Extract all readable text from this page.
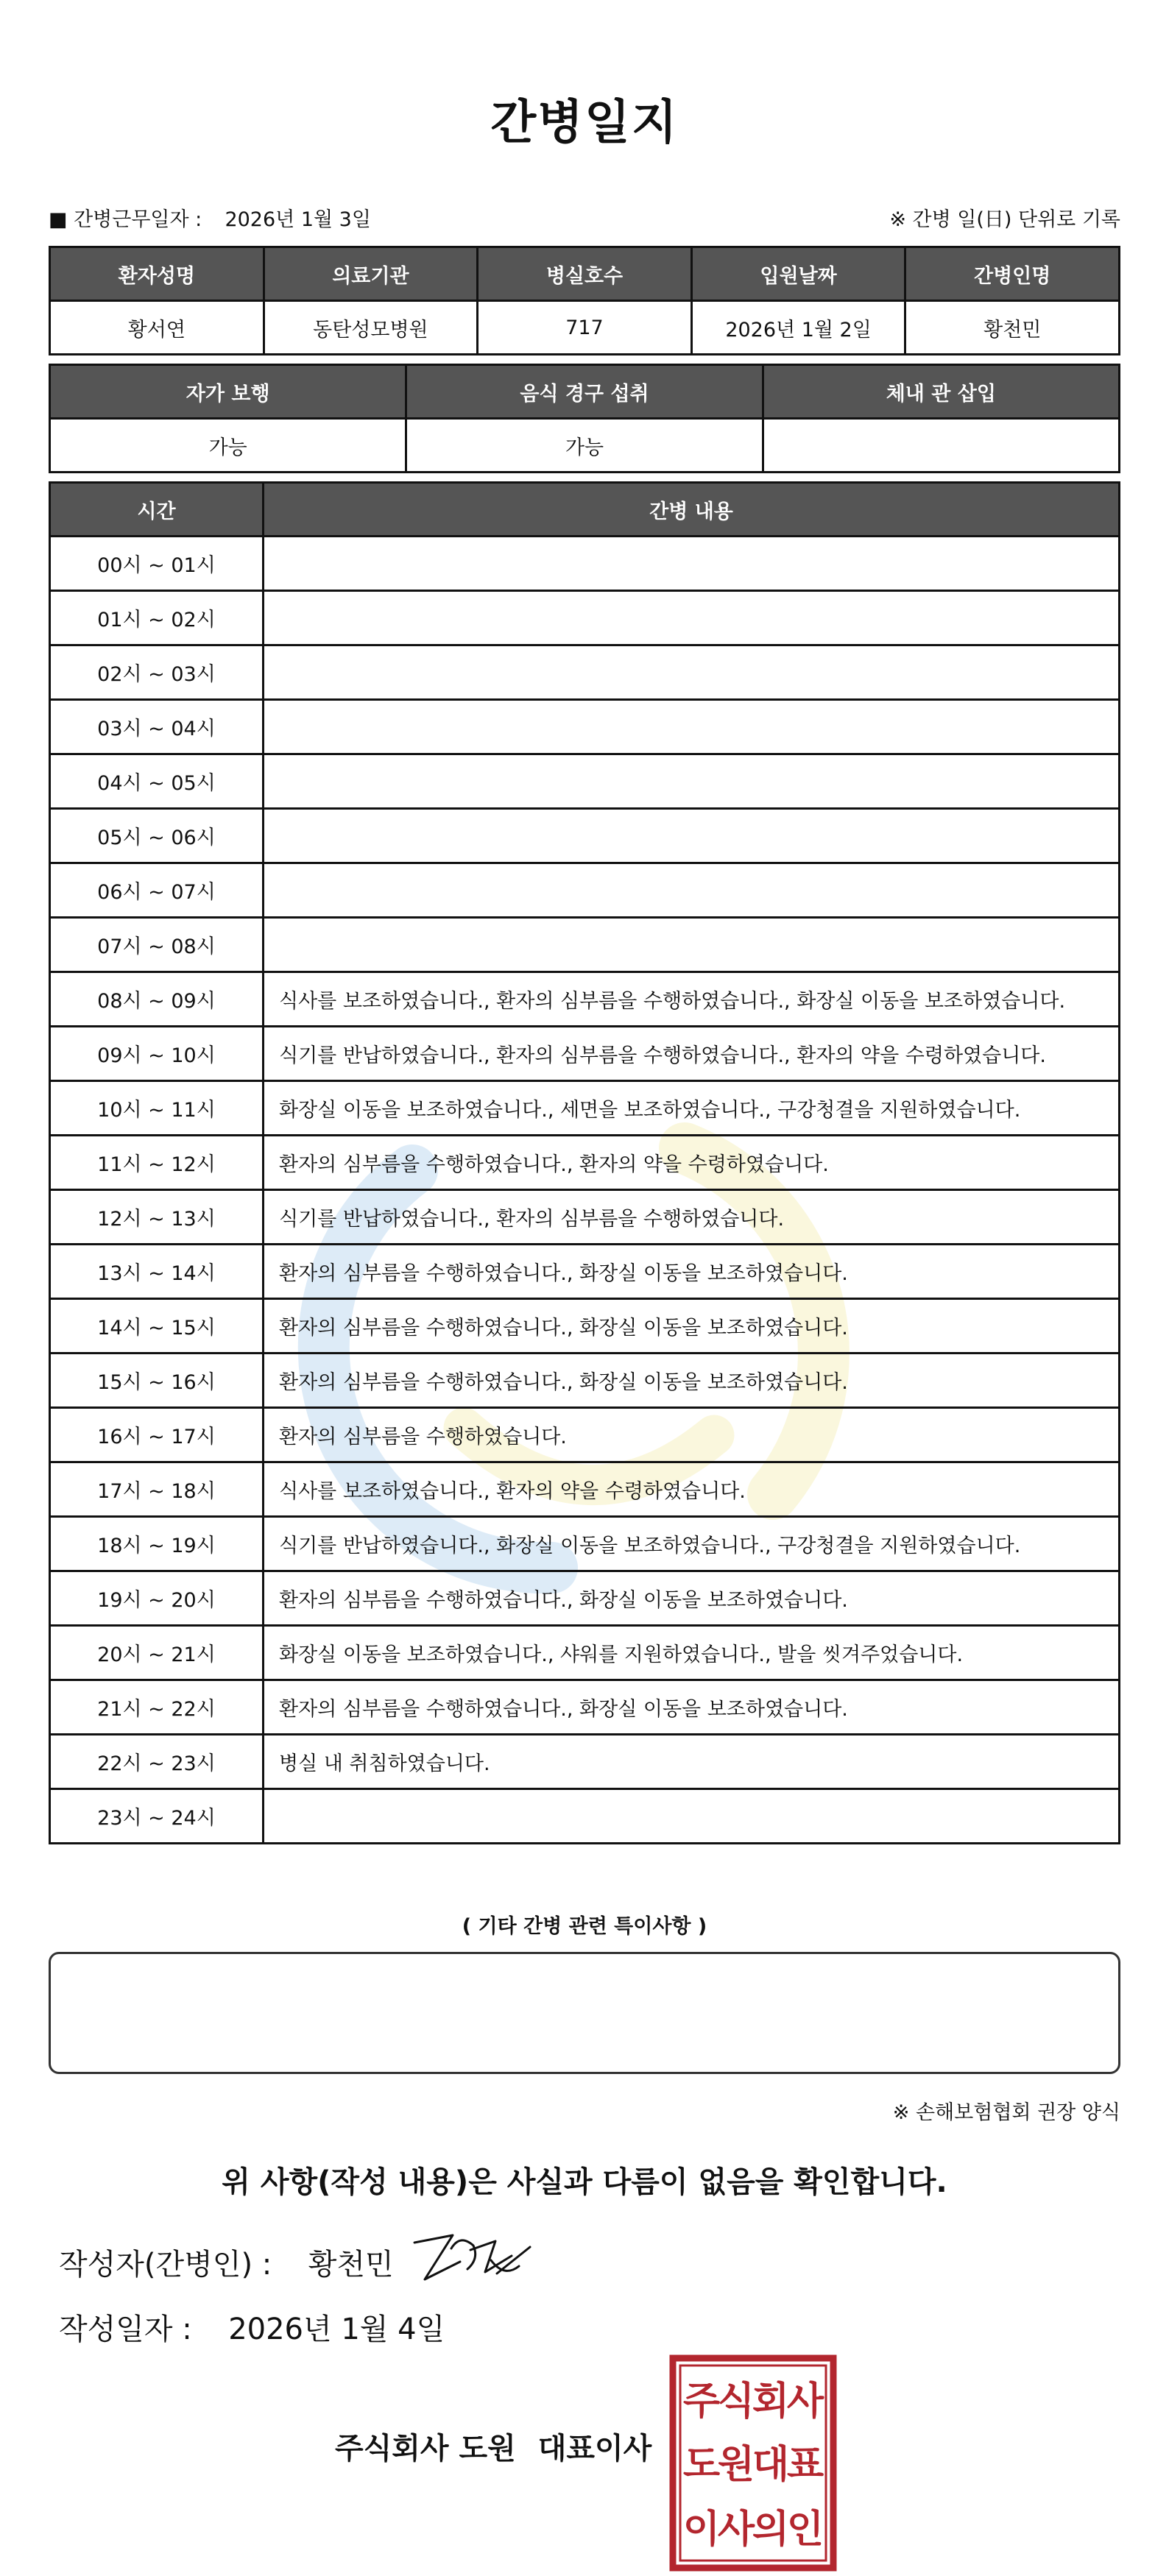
간병일지
■ 간병근무일자 : 2026년 1월 3일	※ 간병 일(日) 단위로 기록
환자성명	의료기관	병실호수	입원날짜	간병인명
황서연	동탄성모병원	717	2026년 1월 2일	황천민
자가 보행	음식 경구 섭취	체내 관 삽입
가능	가능	
시간	간병 내용
00시 ~ 01시	
01시 ~ 02시	
02시 ~ 03시	
03시 ~ 04시	
04시 ~ 05시	
05시 ~ 06시	
06시 ~ 07시	
07시 ~ 08시	
08시 ~ 09시	식사를 보조하였습니다., 환자의 심부름을 수행하였습니다., 화장실 이동을 보조하였습니다.
09시 ~ 10시	식기를 반납하였습니다., 환자의 심부름을 수행하였습니다., 환자의 약을 수령하였습니다.
10시 ~ 11시	화장실 이동을 보조하였습니다., 세면을 보조하였습니다., 구강청결을 지원하였습니다.
11시 ~ 12시	환자의 심부름을 수행하였습니다., 환자의 약을 수령하였습니다.
12시 ~ 13시	식기를 반납하였습니다., 환자의 심부름을 수행하였습니다.
13시 ~ 14시	환자의 심부름을 수행하였습니다., 화장실 이동을 보조하였습니다.
14시 ~ 15시	환자의 심부름을 수행하였습니다., 화장실 이동을 보조하였습니다.
15시 ~ 16시	환자의 심부름을 수행하였습니다., 화장실 이동을 보조하였습니다.
16시 ~ 17시	환자의 심부름을 수행하였습니다.
17시 ~ 18시	식사를 보조하였습니다., 환자의 약을 수령하였습니다.
18시 ~ 19시	식기를 반납하였습니다., 화장실 이동을 보조하였습니다., 구강청결을 지원하였습니다.
19시 ~ 20시	환자의 심부름을 수행하였습니다., 화장실 이동을 보조하였습니다.
20시 ~ 21시	화장실 이동을 보조하였습니다., 샤워를 지원하였습니다., 발을 씻겨주었습니다.
21시 ~ 22시	환자의 심부름을 수행하였습니다., 화장실 이동을 보조하였습니다.
22시 ~ 23시	병실 내 취침하였습니다.
23시 ~ 24시	
( 기타 간병 관련 특이사항 )
※ 손해보험협회 권장 양식
위 사항(작성 내용)은 사실과 다름이 없음을 확인합니다.
작성자(간병인) : 황천민
작성일자 : 2026년 1월 4일
주식회사 도원 대표이사
주
식
회
사
도
원
대
표
이
사
의
인
